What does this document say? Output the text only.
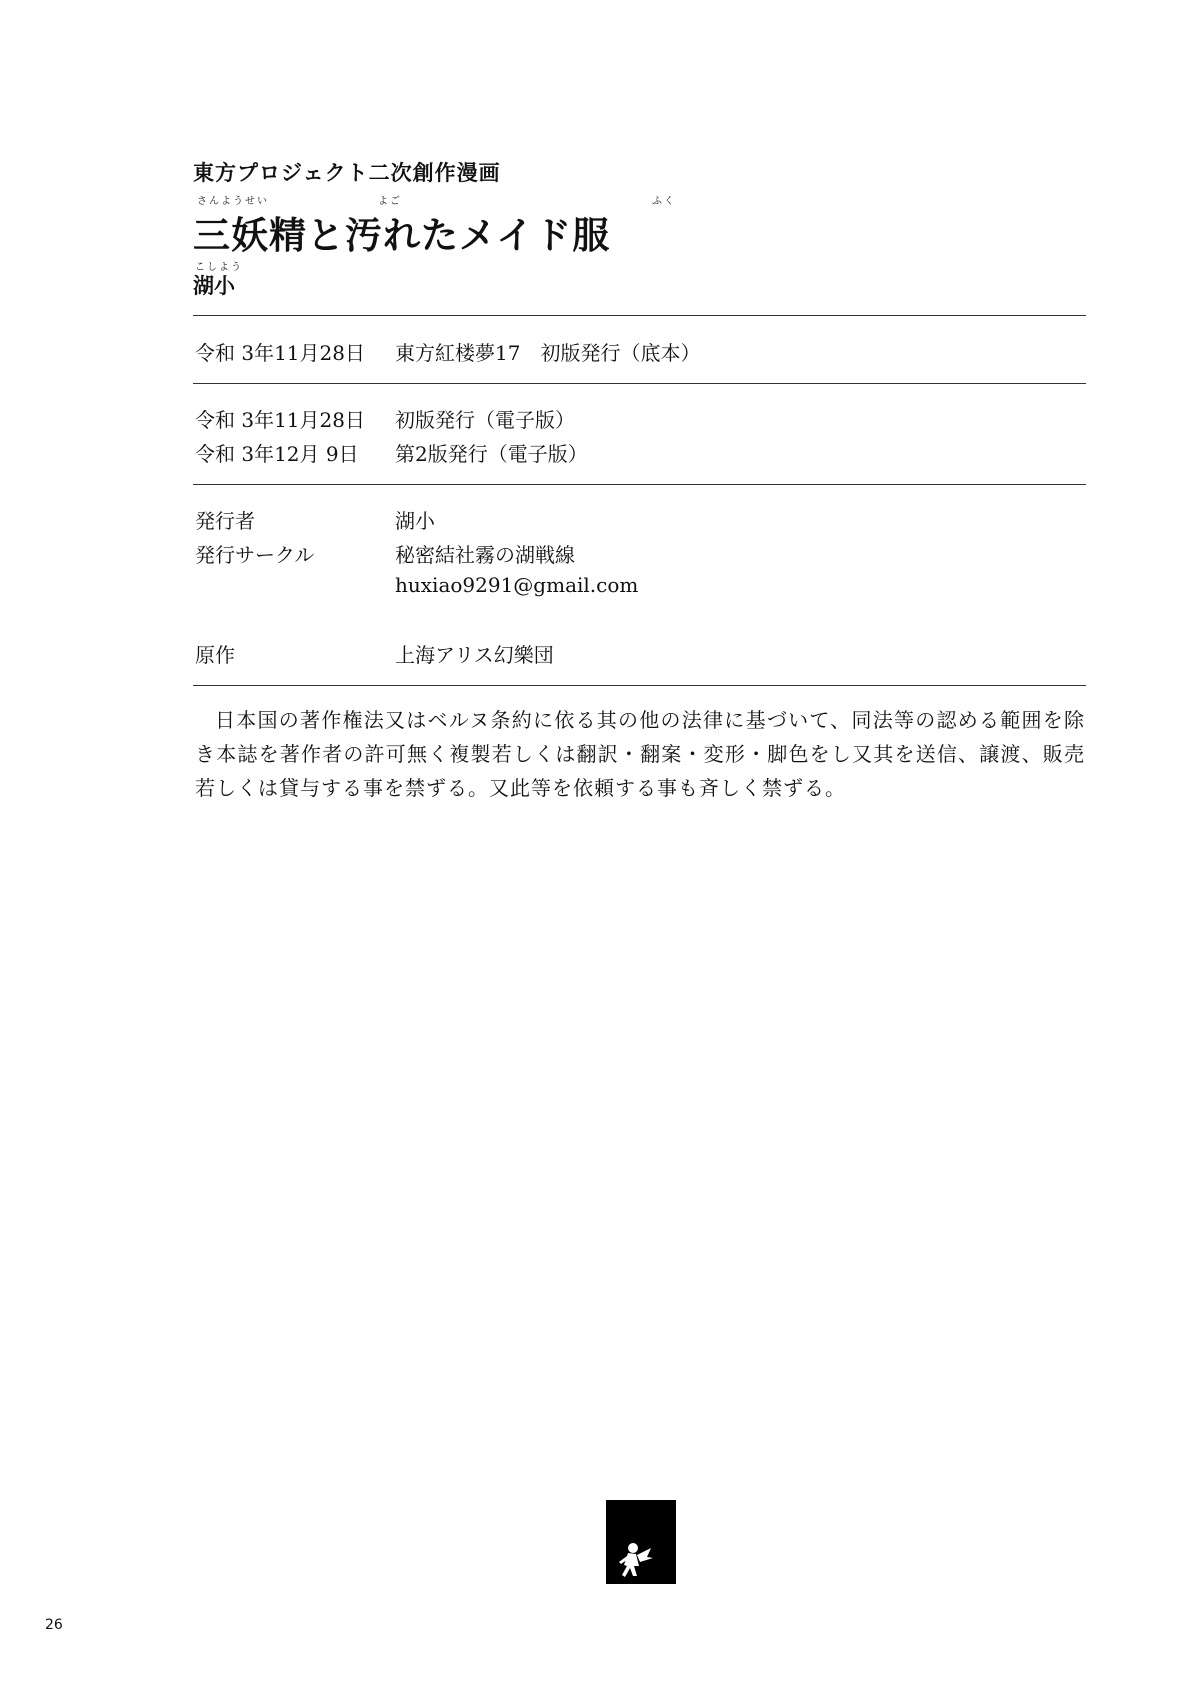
東方プロジェクト二次創作漫画
さんようせい	よご	ふく
三妖精と汚れたメイド服
こしよう
湖小
令和 3年11月28日 東方紅楼夢17　初版発行（底本）
令和 3年11月28日 初版発行（電子版）
令和 3年12月 9日 第2版発行（電子版）
発行者	湖小
発行サークル	秘密結社霧の湖戦線
huxiao9291@gmail.com
原作	上海アリス幻樂団
日本国の著作権法又はベルヌ条約に依る其の他の法律に基づいて、同法等の認める範囲を除き本誌を著作者の許可無く複製若しくは翻訳・翻案・変形・脚色をし又其を送信、譲渡、販売若しくは貸与する事を禁ずる。又此等を依頼する事も斉しく禁ずる。
26
